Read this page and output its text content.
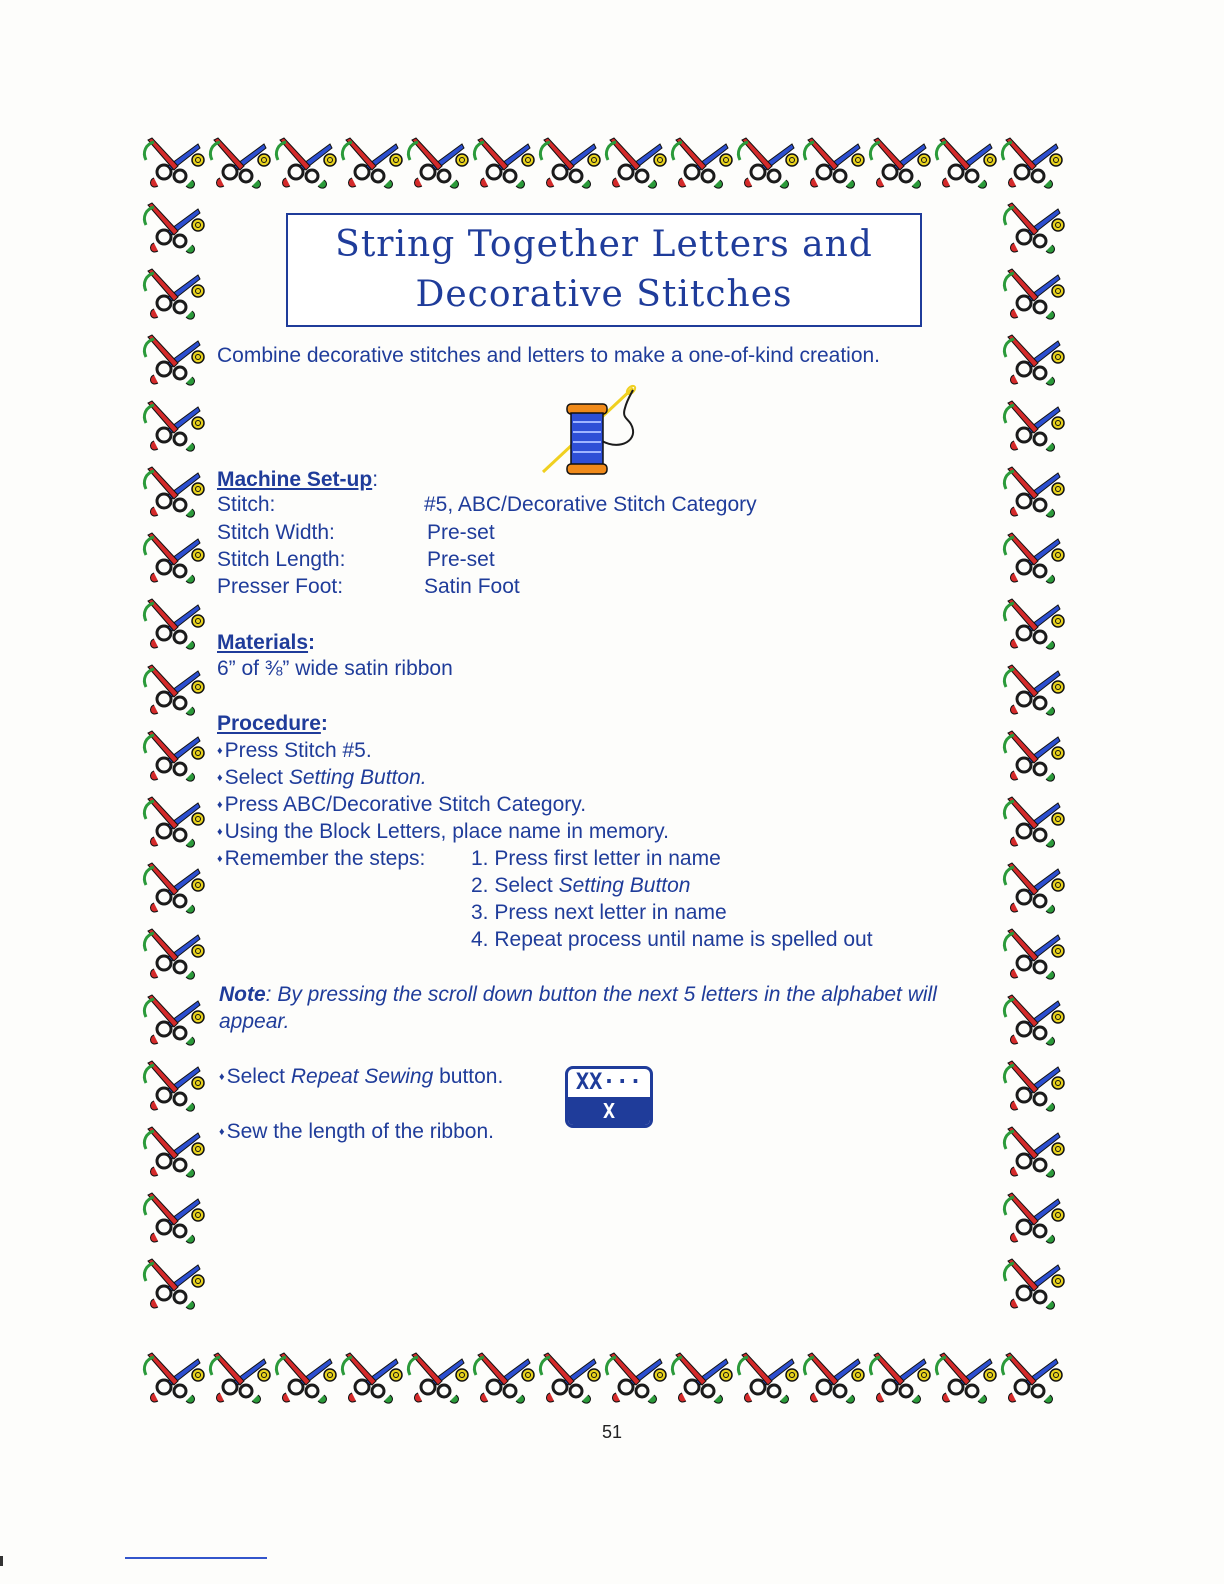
String Together Letters and
Decorative Stitches
Combine decorative stitches and letters to make a one-of-kind creation.
Machine Set-up:
Stitch:	#5, ABC/Decorative Stitch Category
Stitch Width:	Pre-set
Stitch Length:	Pre-set
Presser Foot:	Satin Foot
Materials:
6” of ⅜” wide satin ribbon
Procedure:
♦ Press Stitch #5.
♦ Select Setting Button.
♦ Press ABC/Decorative Stitch Category.
♦ Using the Block Letters, place name in memory.
♦ Remember the steps: 1. Press first letter in name
2. Select Setting Button
3. Press next letter in name
4. Repeat process until name is spelled out
Note: By pressing the scroll down button the next 5 letters in the alphabet will appear.
♦ Select Repeat Sewing button.
♦ Sew the length of the ribbon.
XX···
X
51
